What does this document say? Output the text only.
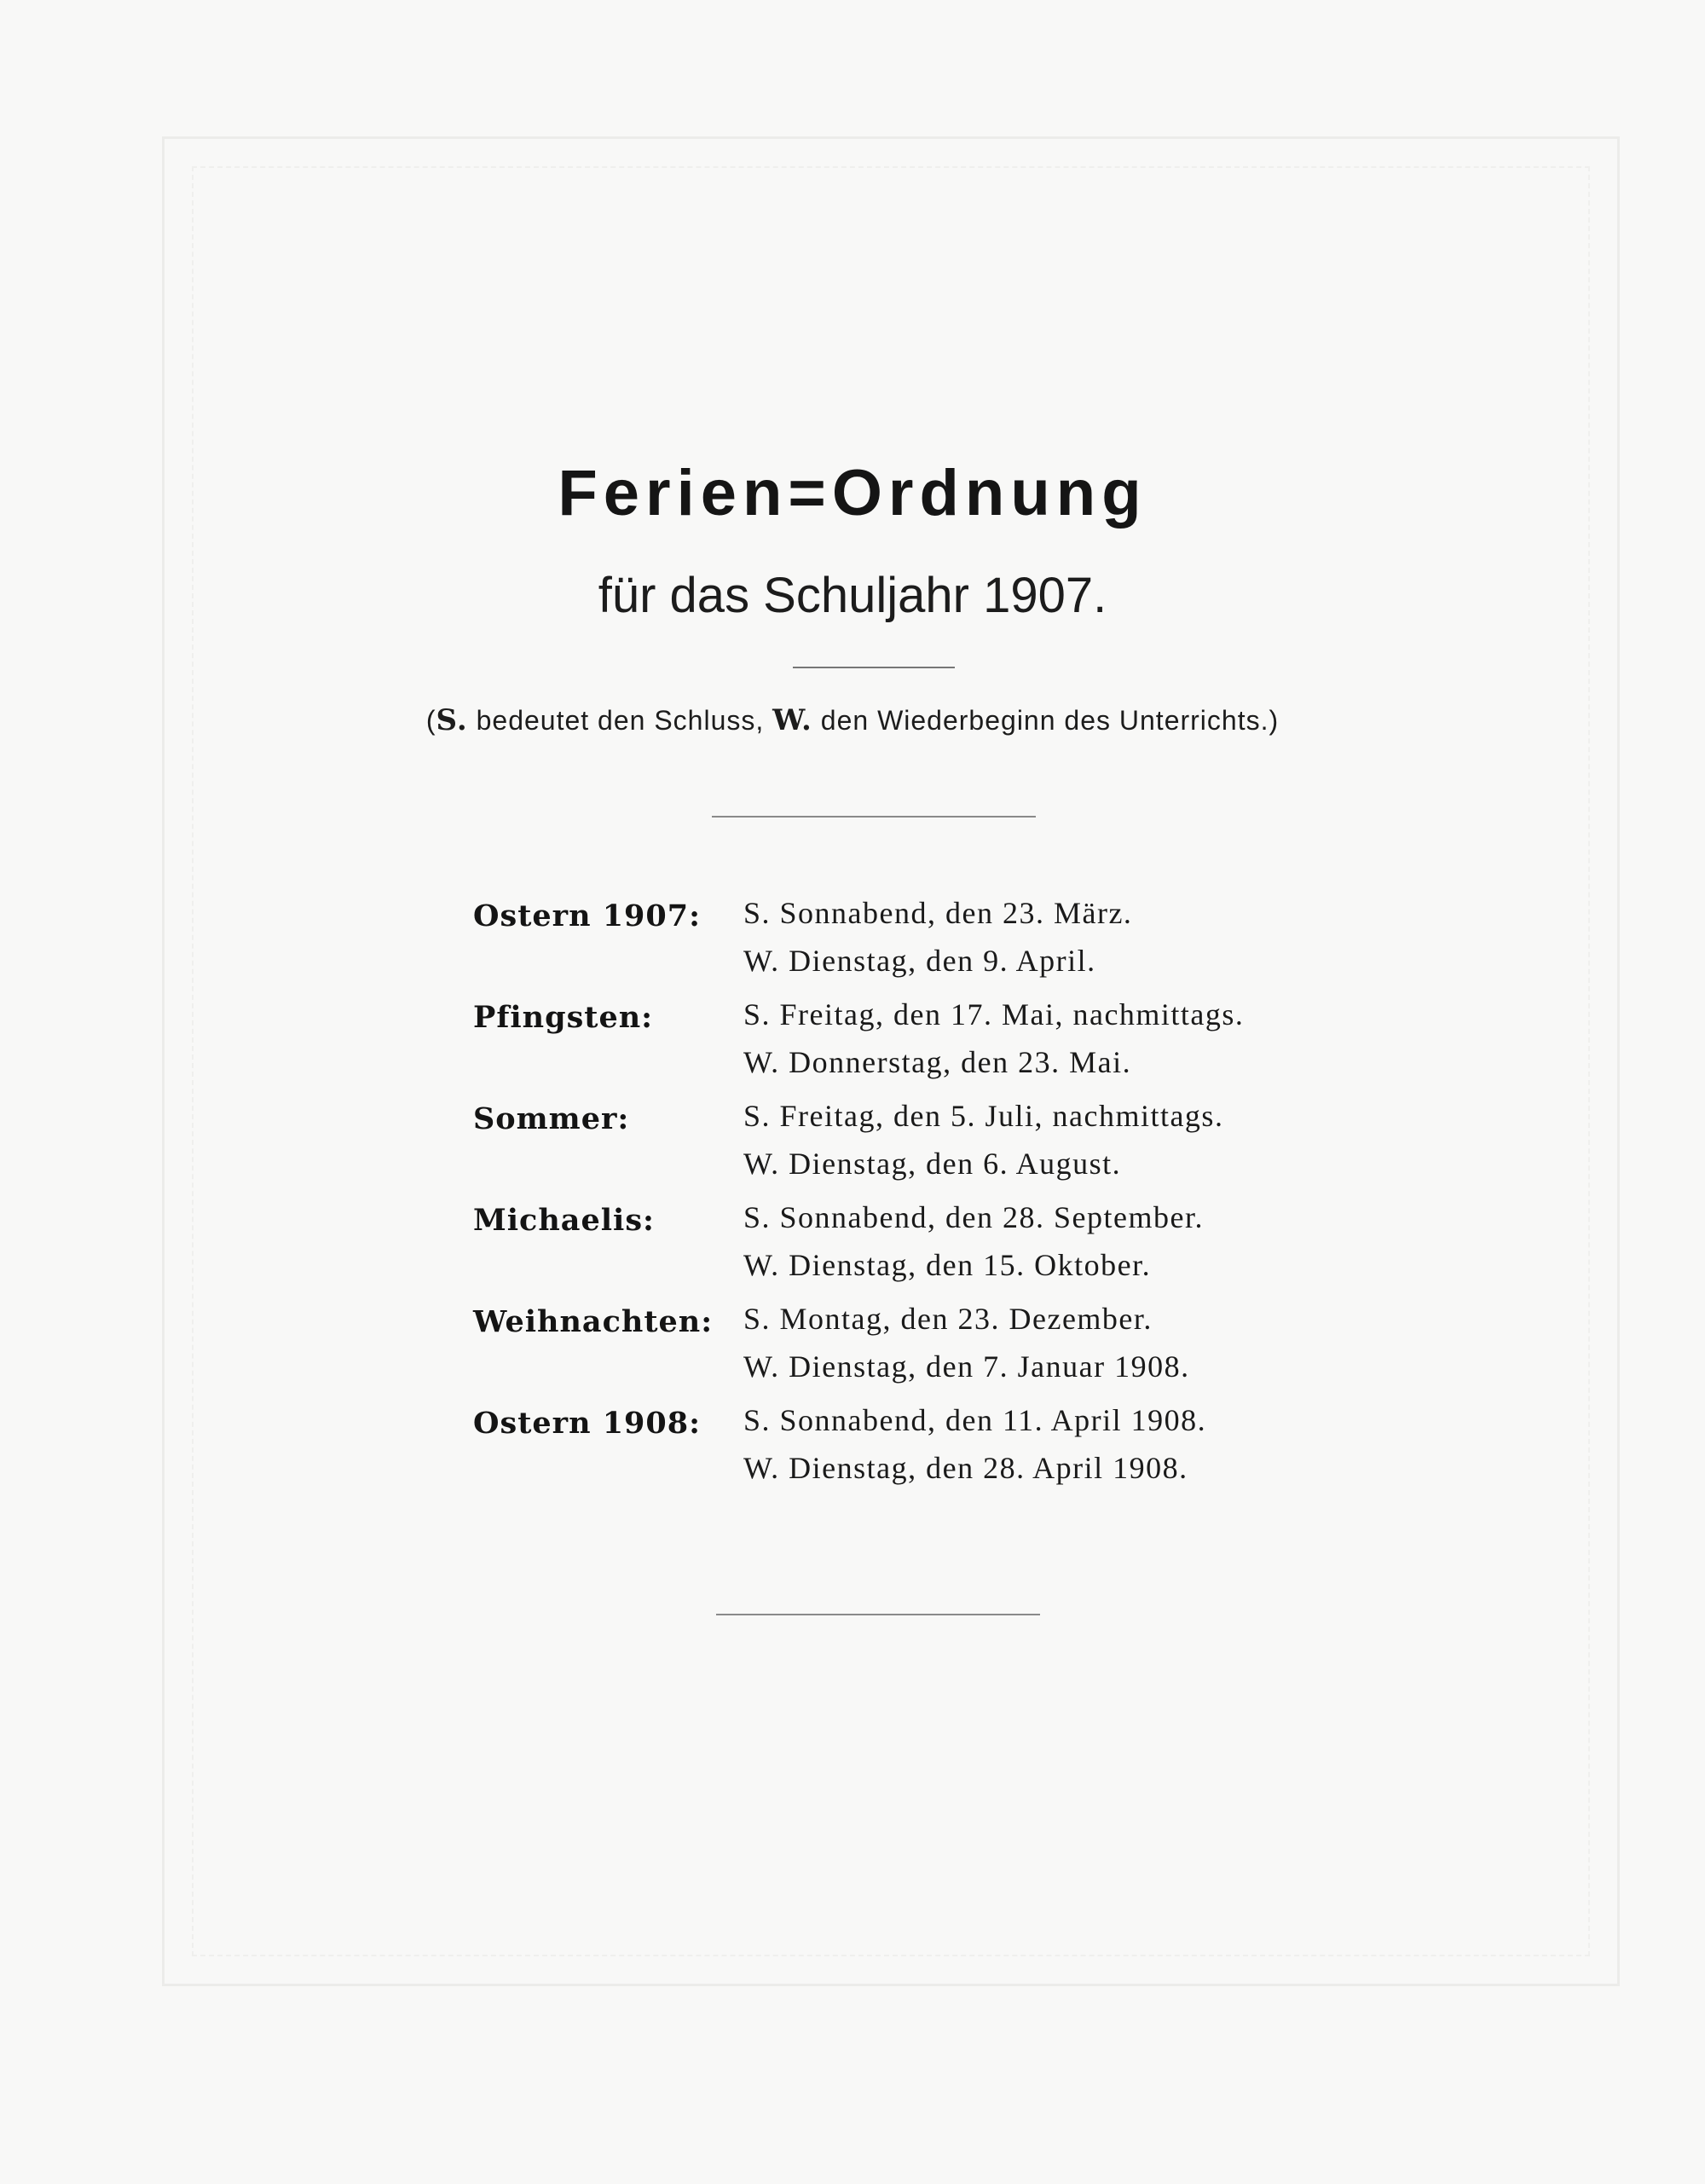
Ferien=Ordnung
für das Schuljahr 1907.
(S. bedeutet den Schluss, W. den Wiederbeginn des Unterrichts.)
Ostern 1907: S. Sonnabend, den 23. März.
W. Dienstag, den 9. April.
Pfingsten:	S. Freitag, den 17. Mai, nachmittags.
W. Donnerstag, den 23. Mai.
Sommer:	S. Freitag, den 5. Juli, nachmittags.
W. Dienstag, den 6. August.
Michaelis:	S. Sonnabend, den 28. September.
W. Dienstag, den 15. Oktober.
Weihnachten: S. Montag, den 23. Dezember.
W. Dienstag, den 7. Januar 1908.
Ostern 1908: S. Sonnabend, den 11. April 1908.
W. Dienstag, den 28. April 1908.
